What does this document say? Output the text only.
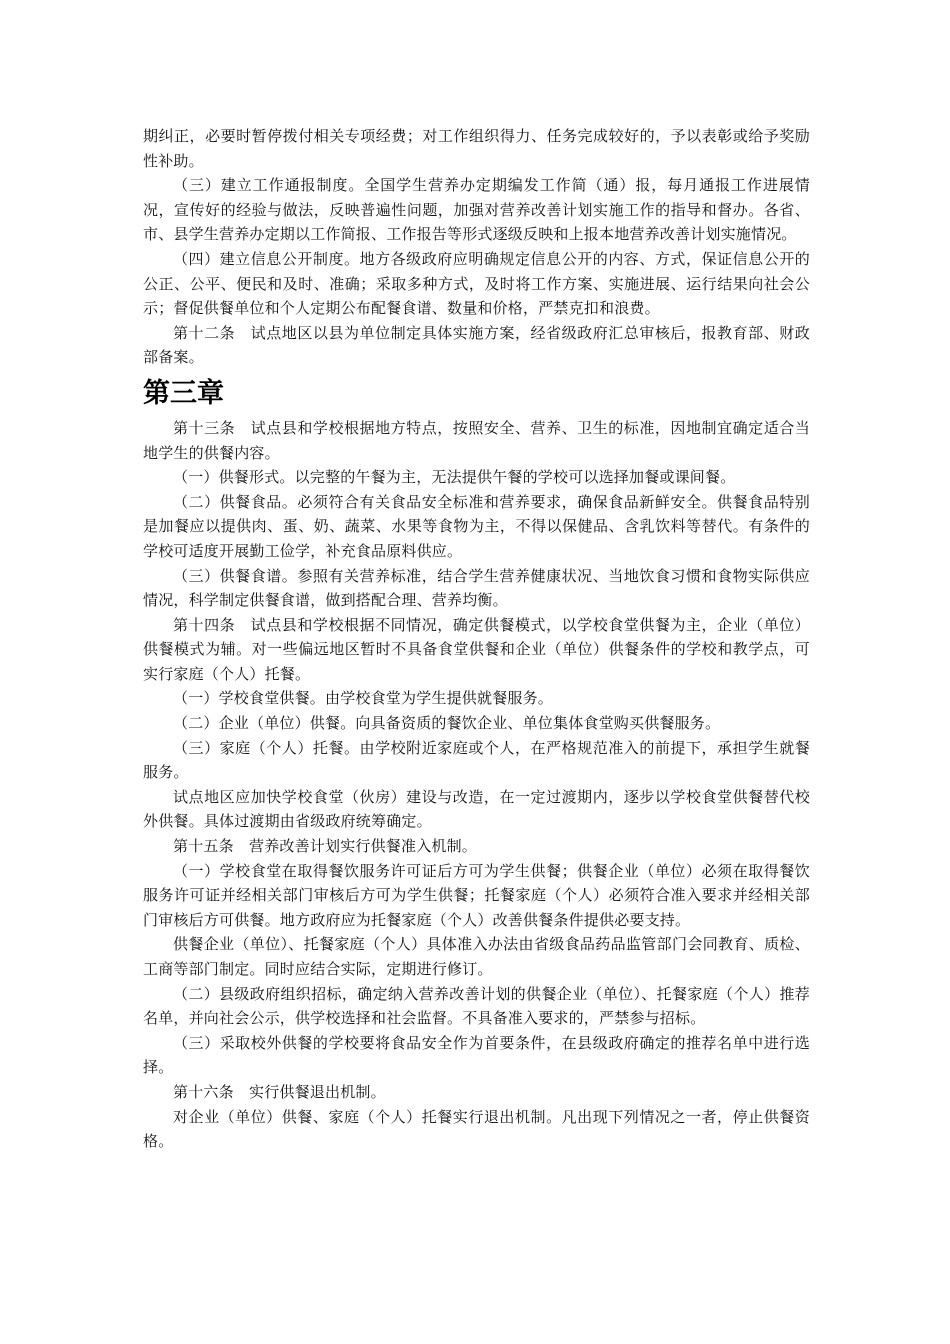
期纠正，必要时暂停拨付相关专项经费；对工作组织得力、任务完成较好的，予以表彰或给予奖励性补助。

（三）建立工作通报制度。全国学生营养办定期编发工作简（通）报，每月通报工作进展情况，宣传好的经验与做法，反映普遍性问题，加强对营养改善计划实施工作的指导和督办。各省、市、县学生营养办定期以工作简报、工作报告等形式逐级反映和上报本地营养改善计划实施情况。

（四）建立信息公开制度。地方各级政府应明确规定信息公开的内容、方式，保证信息公开的公正、公平、便民和及时、准确；采取多种方式，及时将工作方案、实施进展、运行结果向社会公示；督促供餐单位和个人定期公布配餐食谱、数量和价格，严禁克扣和浪费。

第十二条　试点地区以县为单位制定具体实施方案，经省级政府汇总审核后，报教育部、财政部备案。

第三章

第十三条　试点县和学校根据地方特点，按照安全、营养、卫生的标准，因地制宜确定适合当地学生的供餐内容。

（一）供餐形式。以完整的午餐为主，无法提供午餐的学校可以选择加餐或课间餐。

（二）供餐食品。必须符合有关食品安全标准和营养要求，确保食品新鲜安全。供餐食品特别是加餐应以提供肉、蛋、奶、蔬菜、水果等食物为主，不得以保健品、含乳饮料等替代。有条件的学校可适度开展勤工俭学，补充食品原料供应。

（三）供餐食谱。参照有关营养标准，结合学生营养健康状况、当地饮食习惯和食物实际供应情况，科学制定供餐食谱，做到搭配合理、营养均衡。

第十四条　试点县和学校根据不同情况，确定供餐模式，以学校食堂供餐为主，企业（单位）供餐模式为辅。对一些偏远地区暂时不具备食堂供餐和企业（单位）供餐条件的学校和教学点，可实行家庭（个人）托餐。

（一）学校食堂供餐。由学校食堂为学生提供就餐服务。

（二）企业（单位）供餐。向具备资质的餐饮企业、单位集体食堂购买供餐服务。

（三）家庭（个人）托餐。由学校附近家庭或个人，在严格规范准入的前提下，承担学生就餐服务。

试点地区应加快学校食堂（伙房）建设与改造，在一定过渡期内，逐步以学校食堂供餐替代校外供餐。具体过渡期由省级政府统筹确定。

第十五条　营养改善计划实行供餐准入机制。

（一）学校食堂在取得餐饮服务许可证后方可为学生供餐；供餐企业（单位）必须在取得餐饮服务许可证并经相关部门审核后方可为学生供餐；托餐家庭（个人）必须符合准入要求并经相关部门审核后方可供餐。地方政府应为托餐家庭（个人）改善供餐条件提供必要支持。

供餐企业（单位）、托餐家庭（个人）具体准入办法由省级食品药品监管部门会同教育、质检、工商等部门制定。同时应结合实际，定期进行修订。

（二）县级政府组织招标，确定纳入营养改善计划的供餐企业（单位）、托餐家庭（个人）推荐名单，并向社会公示，供学校选择和社会监督。不具备准入要求的，严禁参与招标。

（三）采取校外供餐的学校要将食品安全作为首要条件，在县级政府确定的推荐名单中进行选择。

第十六条　实行供餐退出机制。

对企业（单位）供餐、家庭（个人）托餐实行退出机制。凡出现下列情况之一者，停止供餐资格。
